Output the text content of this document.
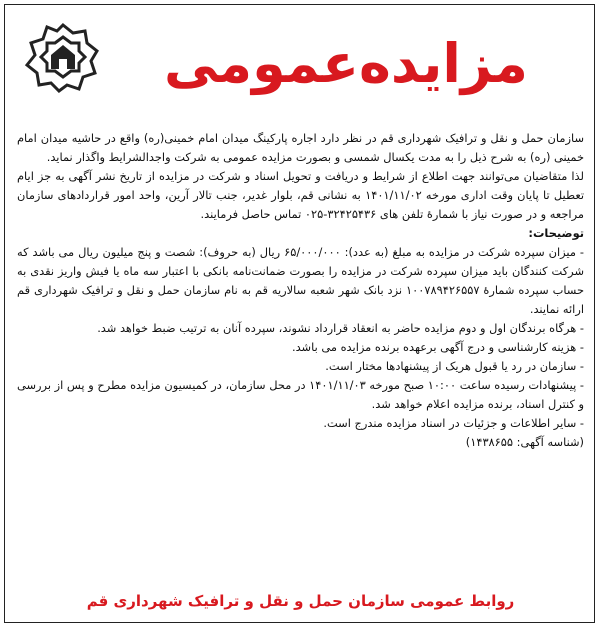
مزایده‌عمومی

سازمان حمل و نقل و ترافیک شهرداری قم در نظر دارد اجاره پارکینگ میدان امام خمینی(ره) واقع در حاشیه میدان امام خمینی (ره) به شرح ذیل را به مدت یکسال شمسی و بصورت مزایده عمومی به شرکت واجدالشرایط واگذار نماید.

لذا متقاضیان می‌توانند جهت اطلاع از شرایط و دریافت و تحویل اسناد و شرکت در مزایده از تاریخ نشر آگهی به جز ایام تعطیل تا پایان وقت اداری مورخه ۱۴۰۱/۱۱/۰۲ به نشانی قم، بلوار غدیر، جنب تالار آرین، واحد امور قراردادهای سازمان مراجعه و در صورت نیاز با شمارهٔ تلفن های ۳۲۴۲۵۴۳۶-۰۲۵ تماس حاصل فرمایند.

توضیحات:

- میزان سپرده شرکت در مزایده به مبلغ (به عدد): ۶۵/۰۰۰/۰۰۰ ریال (به حروف): شصت و پنج میلیون ریال می باشد که شرکت کنندگان باید میزان سپرده شرکت در مزایده را بصورت ضمانت‌نامه بانکی با اعتبار سه ماه یا فیش واریز نقدی به حساب سپرده شمارهٔ ۱۰۰۷۸۹۴۲۶۵۵۷ نزد بانک شهر شعبه سالاریه قم به نام سازمان حمل و نقل و ترافیک شهرداری قم ارائه نمایند.

- هرگاه برندگان اول و دوم مزایده حاضر به انعقاد قرارداد نشوند، سپرده آنان به ترتیب ضبط خواهد شد.

- هزینه کارشناسی و درج آگهی برعهده برنده مزایده می باشد.

- سازمان در رد یا قبول هریک از پیشنهادها مختار است.

- پیشنهادات رسیده ساعت ۱۰:۰۰ صبح مورخه ۱۴۰۱/۱۱/۰۳ در محل سازمان، در کمیسیون مزایده مطرح و پس از بررسی و کنترل اسناد، برنده مزایده اعلام خواهد شد.

- سایر اطلاعات و جزئیات در اسناد مزایده مندرج است.

(شناسه آگهی: ۱۴۳۸۶۵۵)

روابط عمومی سازمان حمل و نقل و ترافیک شهرداری قم
